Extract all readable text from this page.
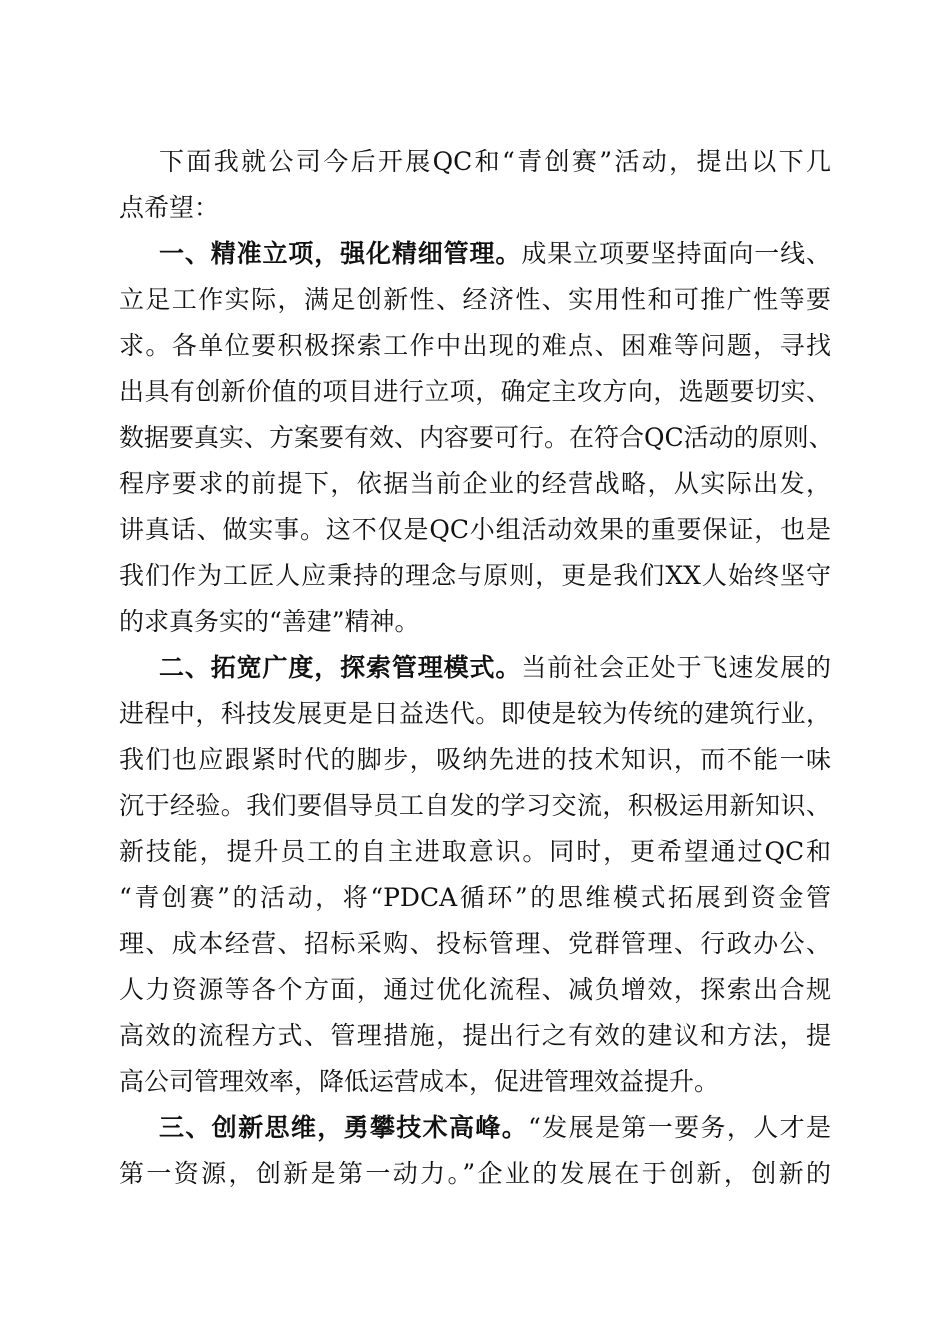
下面我就公司今后开展QC和“青创赛”活动，提出以下几
点希望：
一、精准立项，强化精细管理。成果立项要坚持面向一线、
立足工作实际，满足创新性、经济性、实用性和可推广性等要
求。各单位要积极探索工作中出现的难点、困难等问题，寻找
出具有创新价值的项目进行立项，确定主攻方向，选题要切实、
数据要真实、方案要有效、内容要可行。在符合QC活动的原则、
程序要求的前提下，依据当前企业的经营战略，从实际出发，
讲真话、做实事。这不仅是QC小组活动效果的重要保证，也是
我们作为工匠人应秉持的理念与原则，更是我们XX人始终坚守
的求真务实的“善建”精神。
二、拓宽广度，探索管理模式。当前社会正处于飞速发展的
进程中，科技发展更是日益迭代。即使是较为传统的建筑行业，
我们也应跟紧时代的脚步，吸纳先进的技术知识，而不能一味
沉于经验。我们要倡导员工自发的学习交流，积极运用新知识、
新技能，提升员工的自主进取意识。同时，更希望通过QC和
“青创赛”的活动，将“PDCA循环”的思维模式拓展到资金管
理、成本经营、招标采购、投标管理、党群管理、行政办公、
人力资源等各个方面，通过优化流程、减负增效，探索出合规
高效的流程方式、管理措施，提出行之有效的建议和方法，提
高公司管理效率，降低运营成本，促进管理效益提升。
三、创新思维，勇攀技术高峰。“发展是第一要务，人才是
第一资源，创新是第一动力。”企业的发展在于创新，创新的
